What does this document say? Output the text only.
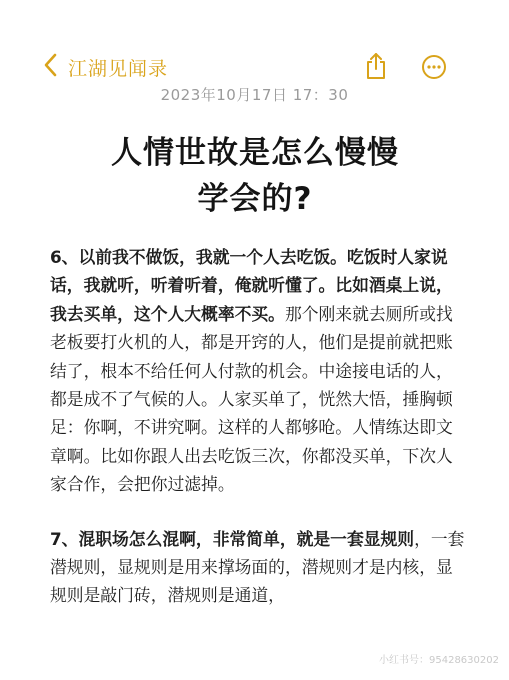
江湖见闻录
2023年10月17日 17：30
人情世故是怎么慢慢
学会的?

6、以前我不做饭，我就一个人去吃饭。吃饭时人家说话，我就听，听着听着，俺就听懂了。比如酒桌上说，我去买单，这个人大概率不买。那个刚来就去厕所或找老板要打火机的人，都是开窍的人，他们是提前就把账结了，根本不给任何人付款的机会。中途接电话的人，都是成不了气候的人。人家买单了，恍然大悟，捶胸顿足：你啊，不讲究啊。这样的人都够呛。人情练达即文章啊。比如你跟人出去吃饭三次，你都没买单，下次人家合作，会把你过滤掉。

7、混职场怎么混啊，非常简单，就是一套显规则，一套潜规则，显规则是用来撑场面的，潜规则才是内核，显规则是敲门砖，潜规则是通道，

小红书号：95428630202
